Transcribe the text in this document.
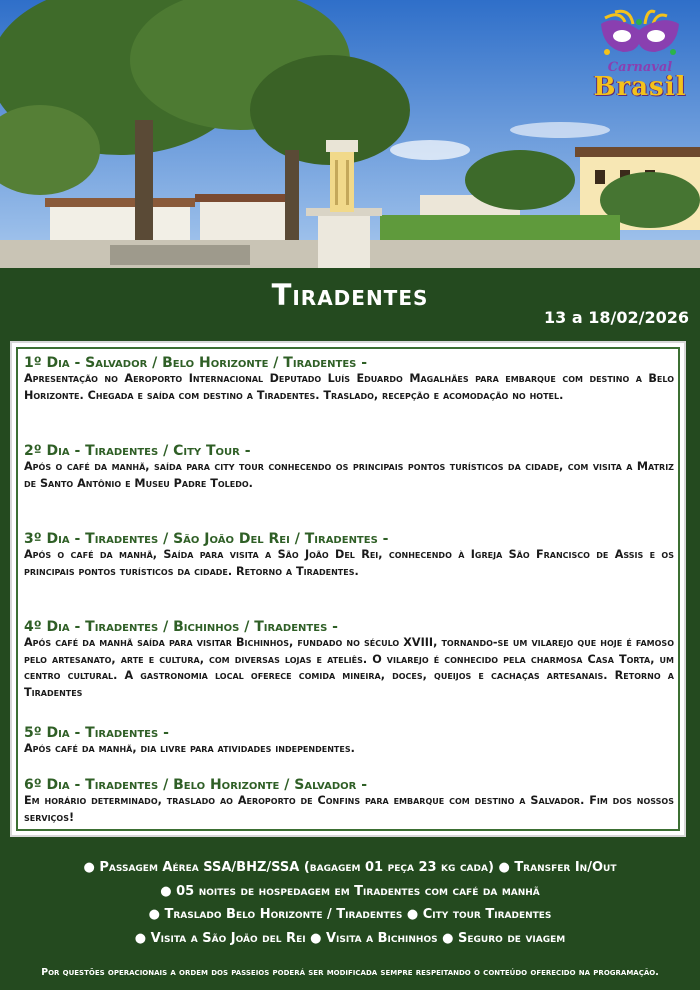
Carnaval
Brasil
Tiradentes
13 a 18/02/2026
1º Dia - Salvador / Belo Horizonte / Tiradentes -
Apresentação no Aeroporto Internacional Deputado Luís Eduardo Magalhães para embarque com destino a Belo Horizonte. Chegada e saída com destino a Tiradentes. Traslado, recepção e acomodação no hotel.
2º Dia - Tiradentes / City Tour -
Após o café da manhã, saída para city tour conhecendo os principais pontos turísticos da cidade, com visita a Matriz de Santo Antônio e Museu Padre Toledo.
3º Dia - Tiradentes / São João Del Rei / Tiradentes -
Após o café da manhã, Saída para visita a São João Del Rei, conhecendo à Igreja São Francisco de Assis e os principais pontos turísticos da cidade. Retorno a Tiradentes.
4º Dia - Tiradentes / Bichinhos / Tiradentes -
Após café da manhã saída para visitar Bichinhos, fundado no século XVIII, tornando-se um vilarejo que hoje é famoso pelo artesanato, arte e cultura, com diversas lojas e ateliês. O vilarejo é conhecido pela charmosa Casa Torta, um centro cultural. A gastronomia local oferece comida mineira, doces, queijos e cachaças artesanais. Retorno a Tiradentes
5º Dia - Tiradentes -
Após café da manhã, dia livre para atividades independentes.
6º Dia - Tiradentes / Belo Horizonte / Salvador -
Em horário determinado, traslado ao Aeroporto de Confins para embarque com destino a Salvador. Fim dos nossos serviços!
● Passagem Aérea SSA/BHZ/SSA (bagagem 01 peça 23 kg cada) ● Transfer In/Out
● 05 noites de hospedagem em Tiradentes com café da manhã
● Traslado Belo Horizonte / Tiradentes ● City tour Tiradentes
● Visita a São João del Rei ● Visita a Bichinhos ● Seguro de viagem
Por questões operacionais a ordem dos passeios poderá ser modificada sempre respeitando o conteúdo oferecido na programação.
